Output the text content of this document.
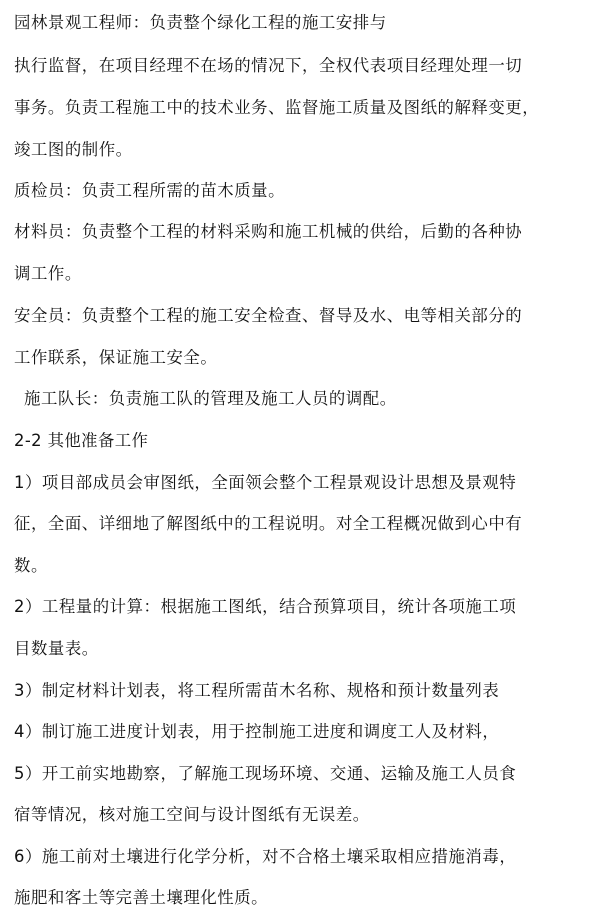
园林景观工程师：负责整个绿化工程的施工安排与
执行监督，在项目经理不在场的情况下，全权代表项目经理处理一切
事务。负责工程施工中的技术业务、监督施工质量及图纸的解释变更，
竣工图的制作。
质检员：负责工程所需的苗木质量。
材料员：负责整个工程的材料采购和施工机械的供给，后勤的各种协
调工作。
安全员：负责整个工程的施工安全检查、督导及水、电等相关部分的
工作联系，保证施工安全。
施工队长：负责施工队的管理及施工人员的调配。
2-2 其他准备工作
1）项目部成员会审图纸，全面领会整个工程景观设计思想及景观特
征，全面、详细地了解图纸中的工程说明。对全工程概况做到心中有
数。
2）工程量的计算：根据施工图纸，结合预算项目，统计各项施工项
目数量表。
3）制定材料计划表，将工程所需苗木名称、规格和预计数量列表
4）制订施工进度计划表，用于控制施工进度和调度工人及材料，
5）开工前实地勘察，了解施工现场环境、交通、运输及施工人员食
宿等情况，核对施工空间与设计图纸有无误差。
6）施工前对土壤进行化学分析，对不合格土壤采取相应措施消毒，
施肥和客土等完善土壤理化性质。
